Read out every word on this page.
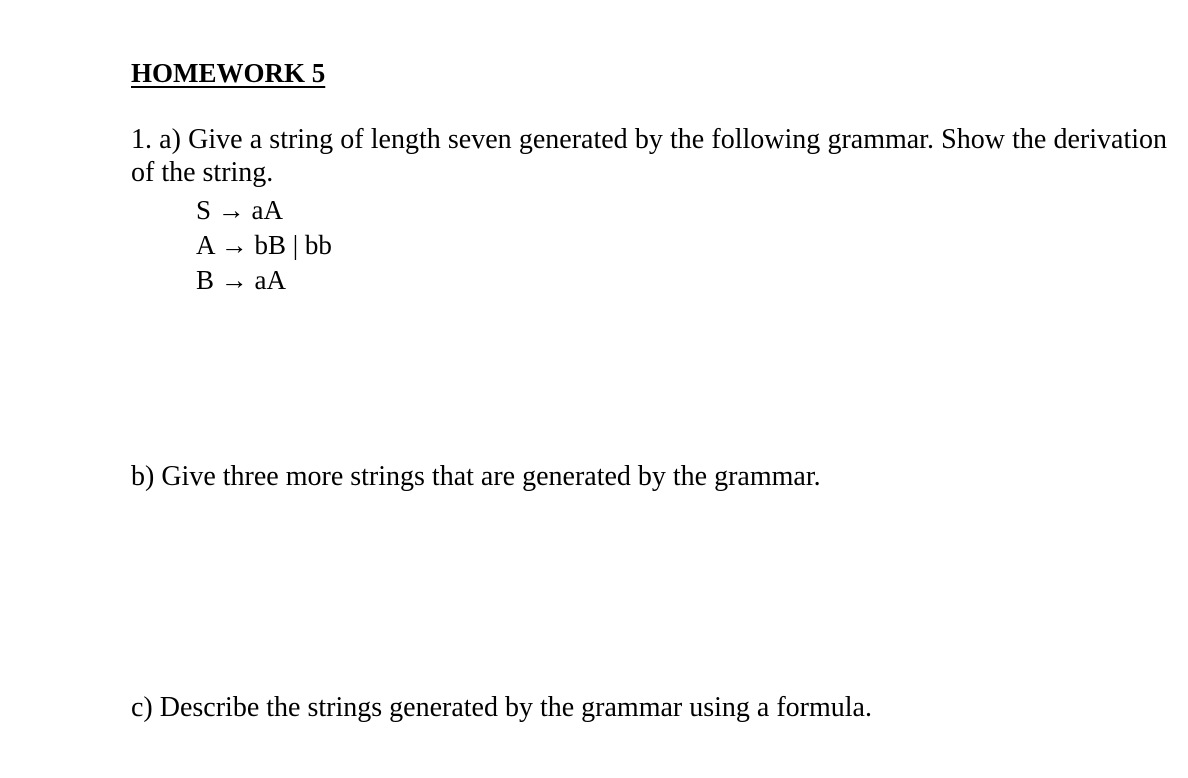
HOMEWORK 5
1. a) Give a string of length seven generated by the following grammar. Show the derivation of the string.
S → aA
A → bB | bb
B → aA
b) Give three more strings that are generated by the grammar.
c) Describe the strings generated by the grammar using a formula.
